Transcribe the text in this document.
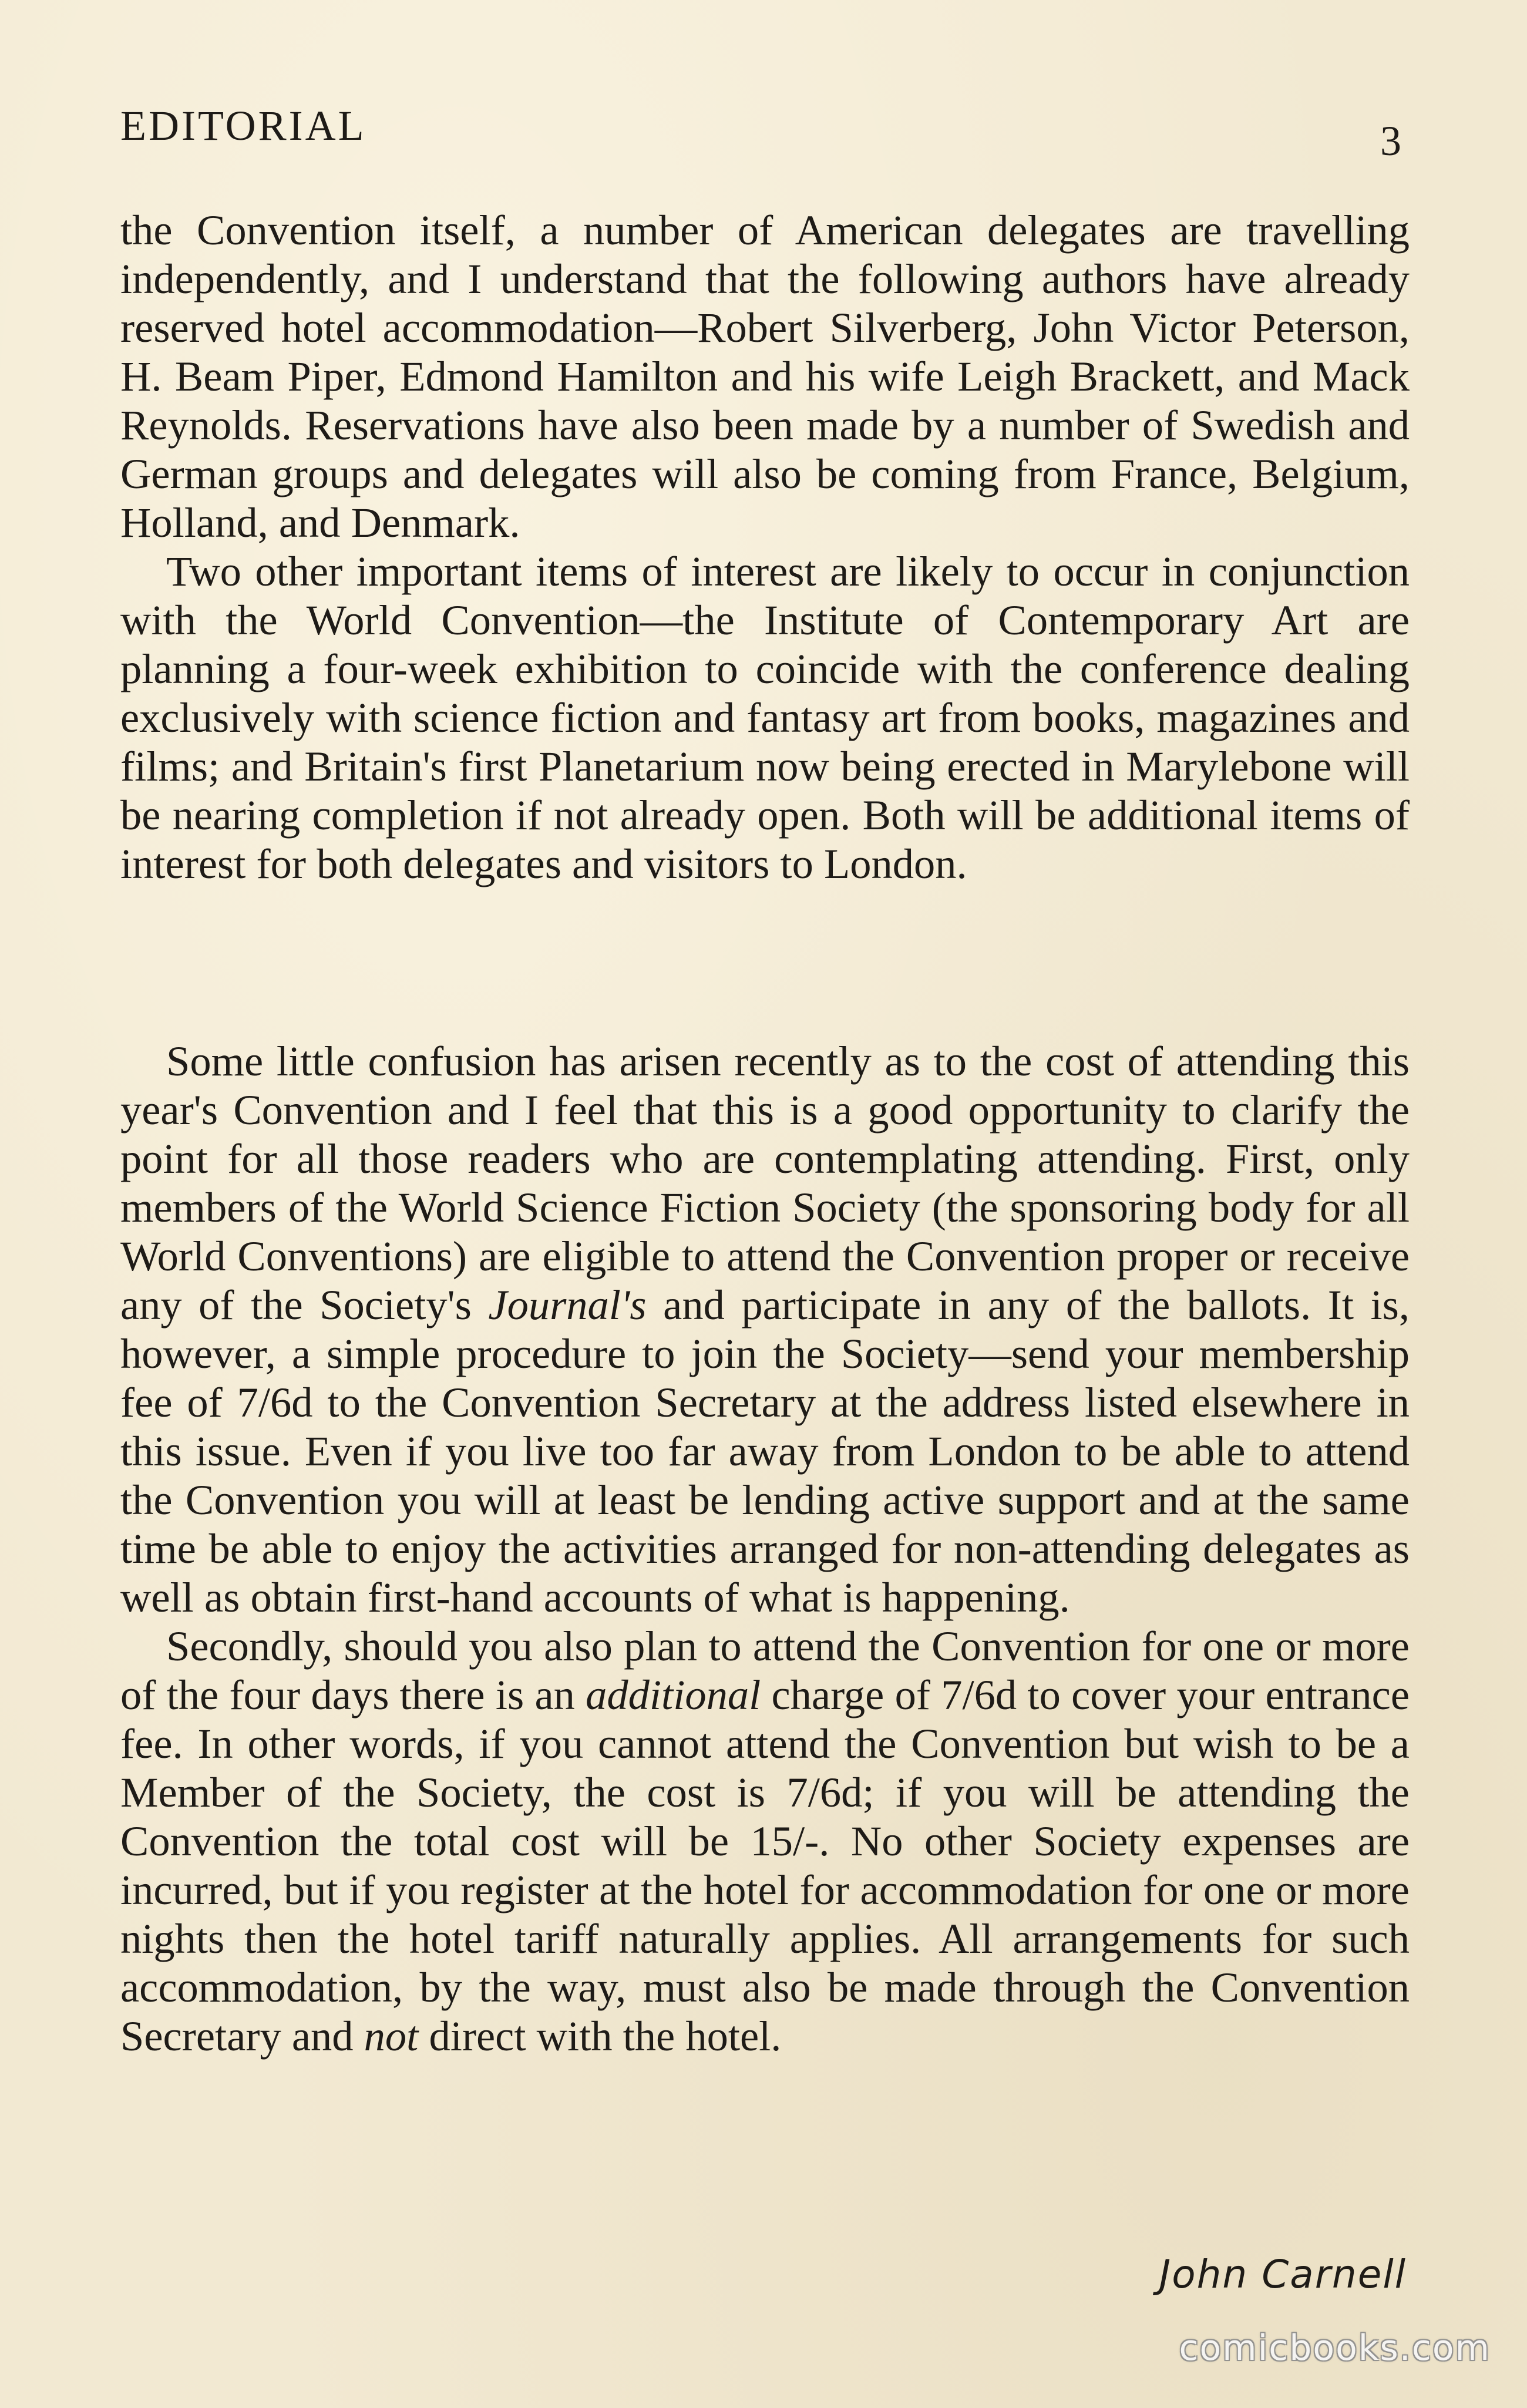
EDITORIAL	3

the Convention itself, a number of American delegates are travelling independently, and I understand that the following authors have already reserved hotel accommodation—Robert Silverberg, John Victor Peterson, H. Beam Piper, Edmond Hamilton and his wife Leigh Brackett, and Mack Reynolds. Reservations have also been made by a number of Swedish and German groups and delegates will also be coming from France, Belgium, Holland, and Denmark.

Two other important items of interest are likely to occur in conjunction with the World Convention—the Institute of Contemporary Art are planning a four-week exhibition to coincide with the conference dealing exclusively with science fiction and fantasy art from books, magazines and films; and Britain's first Planetarium now being erected in Marylebone will be nearing completion if not already open. Both will be additional items of interest for both delegates and visitors to London.

Some little confusion has arisen recently as to the cost of attending this year's Convention and I feel that this is a good opportunity to clarify the point for all those readers who are contemplating attending. First, only members of the World Science Fiction Society (the sponsoring body for all World Conventions) are eligible to attend the Convention proper or receive any of the Society's Journal's and participate in any of the ballots. It is, however, a simple procedure to join the Society—send your membership fee of 7/6d to the Convention Secretary at the address listed elsewhere in this issue. Even if you live too far away from London to be able to attend the Convention you will at least be lending active support and at the same time be able to enjoy the activities arranged for non-attending delegates as well as obtain first-hand accounts of what is happening.

Secondly, should you also plan to attend the Convention for one or more of the four days there is an additional charge of 7/6d to cover your entrance fee. In other words, if you cannot attend the Convention but wish to be a Member of the Society, the cost is 7/6d; if you will be attending the Convention the total cost will be 15/-. No other Society expenses are incurred, but if you register at the hotel for accommodation for one or more nights then the hotel tariff naturally applies. All arrangements for such accommodation, by the way, must also be made through the Convention Secretary and not direct with the hotel.

John Carnell
comicbooks.com
